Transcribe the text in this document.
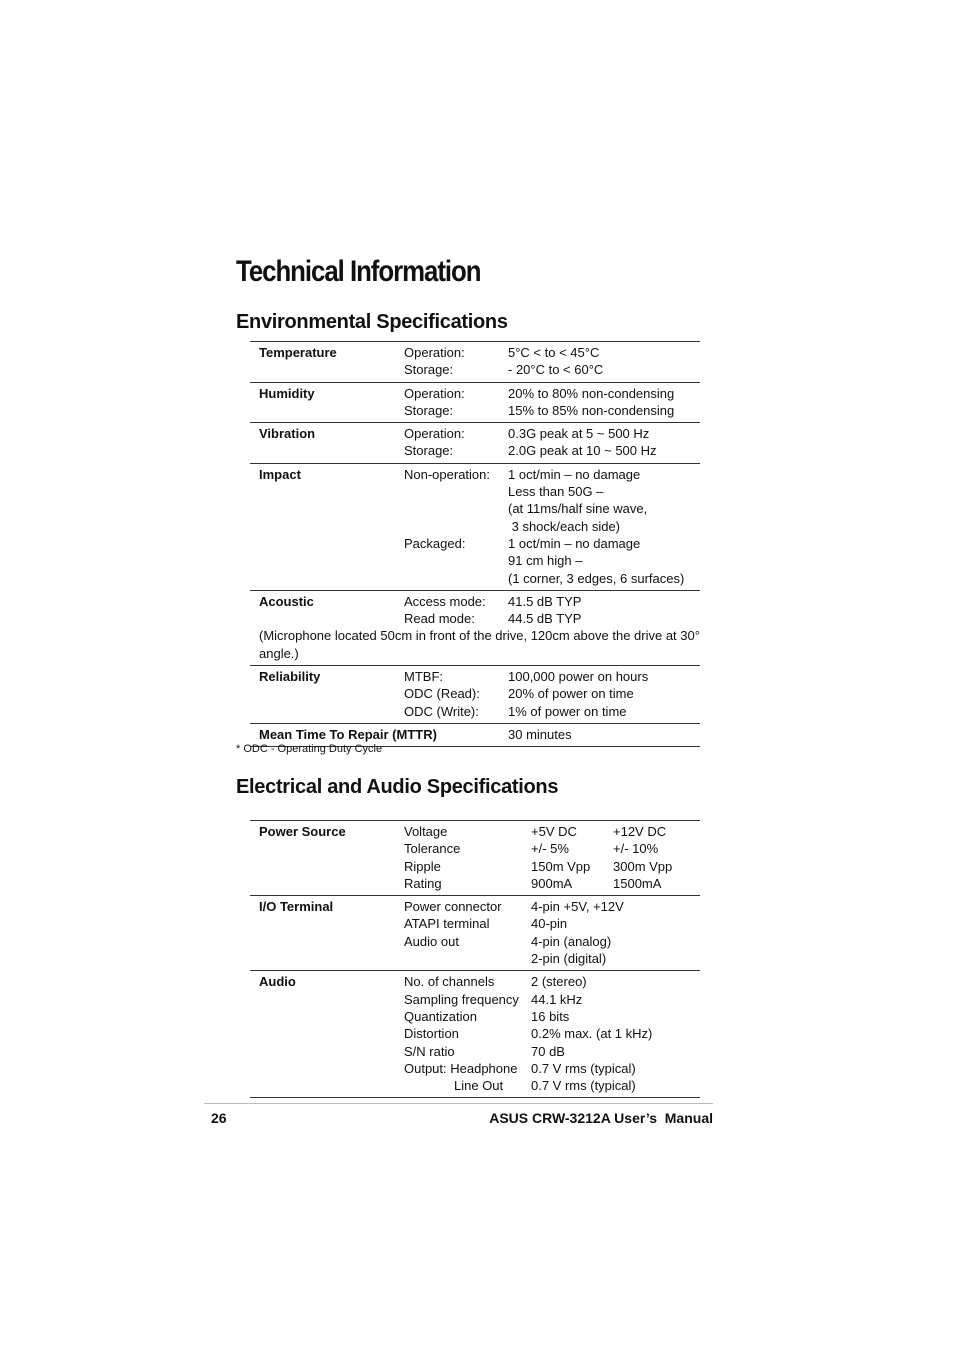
Technical Information
Environmental Specifications
Temperature	Operation:	5°C < to < 45°C
Storage:	- 20°C to < 60°C
Humidity	Operation:	20% to 80% non-condensing
Storage:	15% to 85% non-condensing
Vibration	Operation:	0.3G peak at 5 ~ 500 Hz
Storage:	2.0G peak at 10 ~ 500 Hz
Impact	Non-operation:	1 oct/min – no damage
Less than 50G –
(at 11ms/half sine wave,
3 shock/each side)
Packaged:	1 oct/min – no damage
91 cm high –
(1 corner, 3 edges, 6 surfaces)
Acoustic	Access mode:	41.5 dB TYP
Read mode:	44.5 dB TYP
(Microphone located 50cm in front of the drive, 120cm above the drive at 30° angle.)
Reliability	MTBF:	100,000 power on hours
ODC (Read):	20% of power on time
ODC (Write):	1% of power on time
Mean Time To Repair (MTTR)	30 minutes
* ODC - Operating Duty Cycle
Electrical and Audio Specifications
Power Source	Voltage	+5V DC	+12V DC
Tolerance	+/- 5%	+/- 10%
Ripple	150m Vpp	300m Vpp
Rating	900mA	1500mA
I/O Terminal	Power connector	4-pin +5V, +12V
ATAPI terminal	40-pin
Audio out	4-pin (analog)
2-pin (digital)
Audio	No. of channels	2 (stereo)
Sampling frequency 44.1 kHz
Quantization	16 bits
Distortion	0.2% max. (at 1 kHz)
S/N ratio	70 dB
Output: Headphone	0.7 V rms (typical)
Line Out	0.7 V rms (typical)
26	ASUS CRW-3212A User’s  Manual
